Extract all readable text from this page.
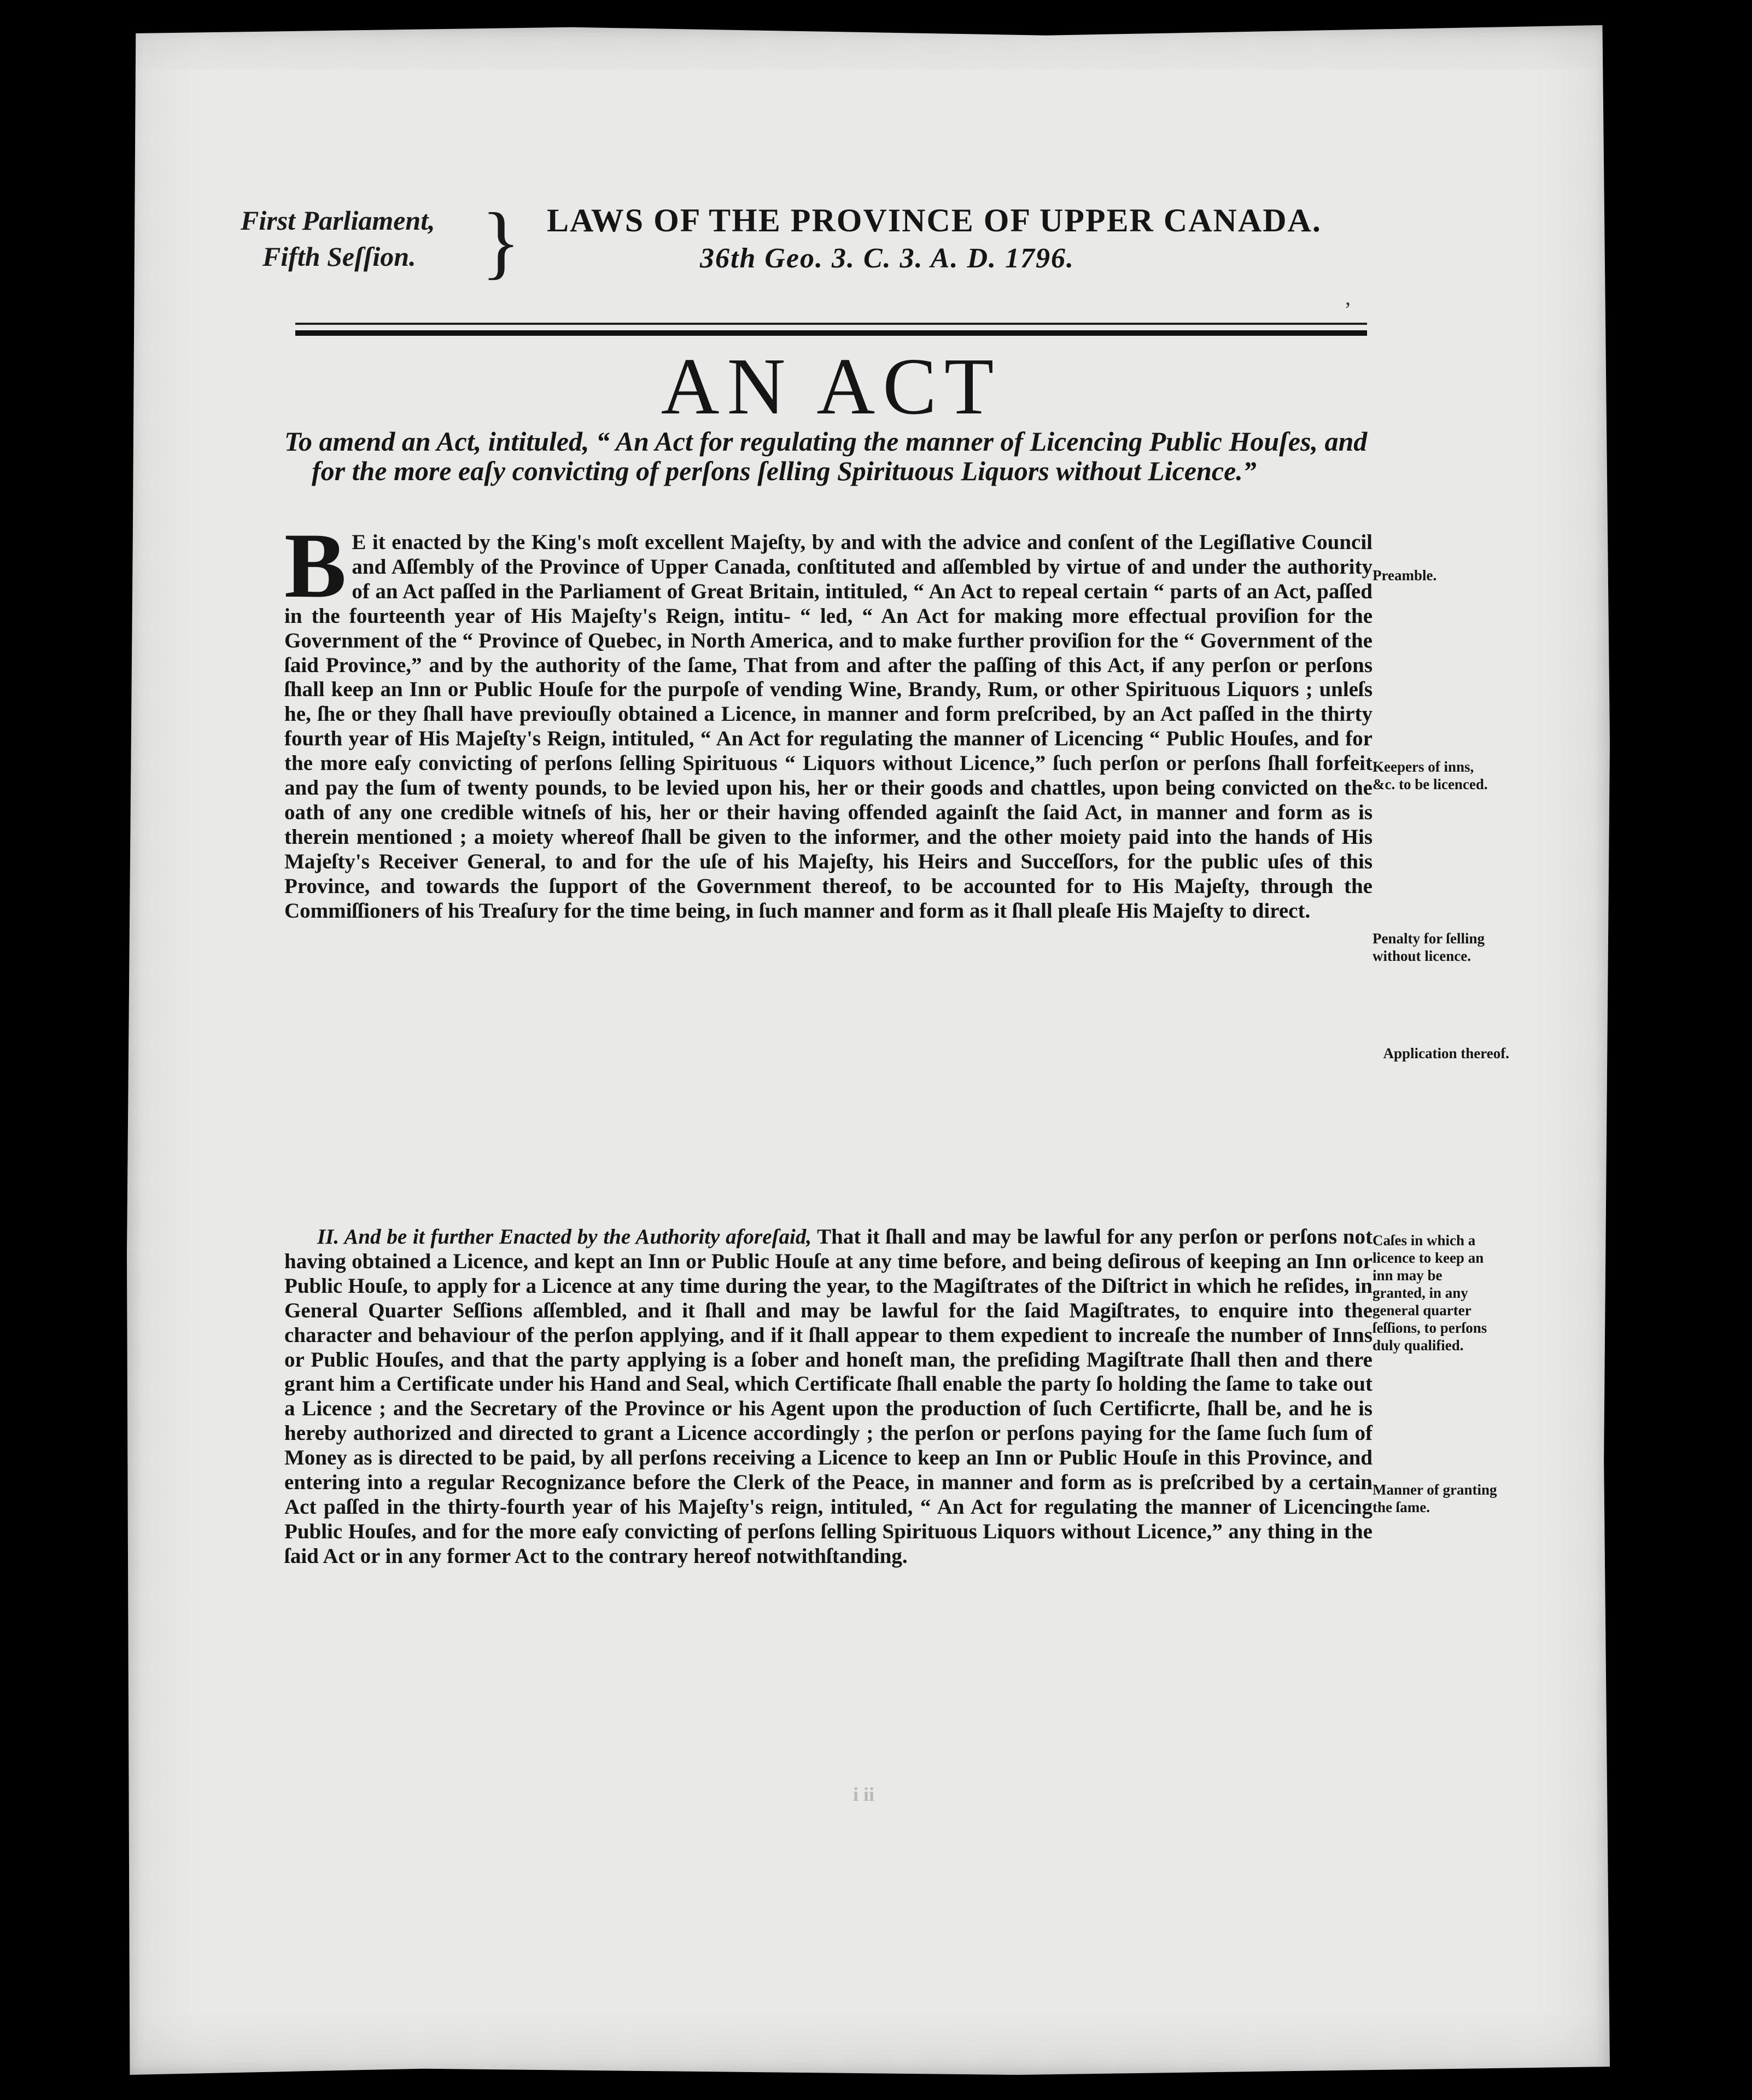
First Parliament,
Fifth Seſſion. } LAWS OF THE PROVINCE OF UPPER CANADA.
36th Geo. 3. C. 3. A. D. 1796.
,
AN ACT
To amend an Act, intituled, “ An Act for regulating the manner of Licencing Public Houſes, and for the more eaſy convicting of perſons ſelling Spirituous Liquors without Licence.”
B E it enacted by the King's moſt excellent Majeſty, by and with the advice and conſent of the Legiſlative Council and Aſſembly of the Province of Upper Canada, conſtituted and aſſembled by virtue of and under the authority of an Act paſſed in the Parliament of Great Britain, intituled, “ An Act to repeal certain “ parts of an Act, paſſed in the fourteenth year of His Majeſty's Reign, intitu- “ led, “ An Act for making more effectual proviſion for the Government of the “ Province of Quebec, in North America, and to make further proviſion for the “ Government of the ſaid Province,” and by the authority of the ſame, That from and after the paſſing of this Act, if any perſon or perſons ſhall keep an Inn or Public Houſe for the purpoſe of vending Wine, Brandy, Rum, or other Spirituous Liquors ; unleſs he, ſhe or they ſhall have previouſly obtained a Licence, in manner and form preſcribed, by an Act paſſed in the thirty fourth year of His Majeſty's Reign, intituled, “ An Act for regulating the manner of Licencing “ Public Houſes, and for the more eaſy convicting of perſons ſelling Spirituous “ Liquors without Licence,” ſuch perſon or perſons ſhall forfeit and pay the ſum of twenty pounds, to be levied upon his, her or their goods and chattles, upon being convicted on the oath of any one credible witneſs of his, her or their having offended againſt the ſaid Act, in manner and form as is therein mentioned ; a moiety whereof ſhall be given to the informer, and the other moiety paid into the hands of His Majeſty's Receiver General, to and for the uſe of his Majeſty, his Heirs and Succeſſors, for the public uſes of this Province, and towards the ſupport of the Government thereof, to be accounted for to His Majeſty, through the Commiſſioners of his Treaſury for the time being, in ſuch manner and form as it ſhall pleaſe His Majeſty to direct.
II. And be it further Enacted by the Authority aforeſaid, That it ſhall and may be lawful for any perſon or perſons not having obtained a Licence, and kept an Inn or Public Houſe at any time before, and being deſirous of keeping an Inn or Public Houſe, to apply for a Licence at any time during the year, to the Magiſtrates of the Diſtrict in which he reſides, in General Quarter Seſſions aſſembled, and it ſhall and may be lawful for the ſaid Magiſtrates, to enquire into the character and behaviour of the perſon applying, and if it ſhall appear to them expedient to increaſe the number of Inns or Public Houſes, and that the party applying is a ſober and honeſt man, the preſiding Magiſtrate ſhall then and there grant him a Certificate under his Hand and Seal, which Certificate ſhall enable the party ſo holding the ſame to take out a Licence ; and the Secretary of the Province or his Agent upon the production of ſuch Certificrte, ſhall be, and he is hereby authorized and directed to grant a Licence accordingly ; the perſon or perſons paying for the ſame ſuch ſum of Money as is directed to be paid, by all perſons receiving a Licence to keep an Inn or Public Houſe in this Province, and entering into a regular Recognizance before the Clerk of the Peace, in manner and form as is preſcribed by a certain Act paſſed in the thirty-fourth year of his Majeſty's reign, intituled, “ An Act for regulating the manner of Licencing Public Houſes, and for the more eaſy convicting of perſons ſelling Spirituous Liquors without Licence,” any thing in the ſaid Act or in any former Act to the contrary hereof notwithſtanding.
Preamble.
Keepers of inns, &c. to be licenced.
Penalty for ſelling without licence.
Application thereof.
Caſes in which a licence to keep an inn may be granted, in any general quarter ſeſſions, to perſons duly qualified.
Manner of granting the ſame.
i ii
